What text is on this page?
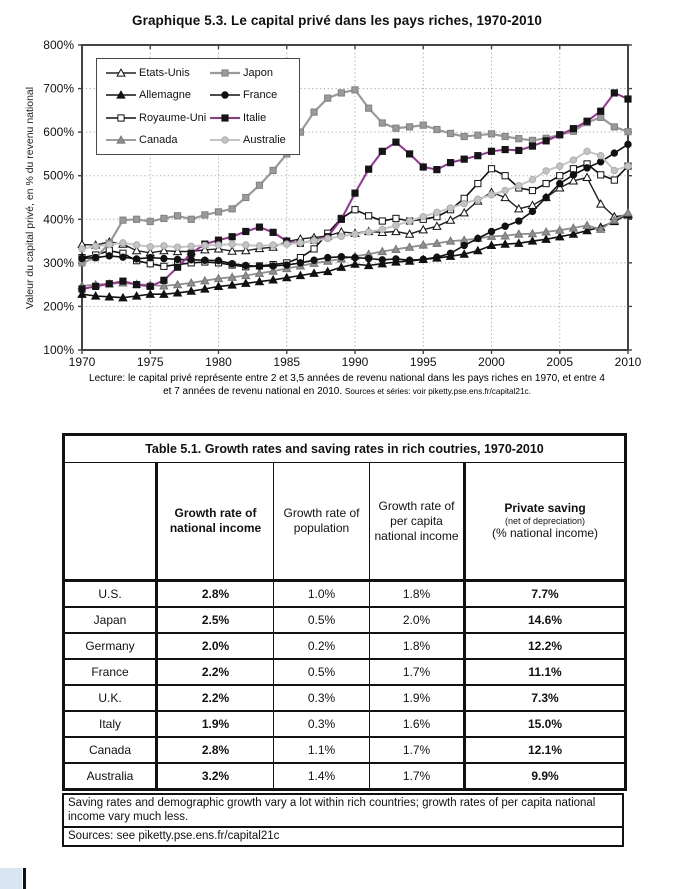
Graphique 5.3. Le capital privé dans les pays riches, 1970-2010
100%
200%
300%
400%
500%
600%
700%
800%
1970	1975	1980	1985	1990	1995	2000	2005	2010
Valeur du capital privé, en % du revenu national
Etats-Unis
Allemagne
Royaume-Uni
Canada
Japon
France
Italie
Australie
Lecture: le capital privé représente entre 2 et 3,5 années de revenu national dans les pays riches en 1970, et entre 4
et 7 années de revenu national en 2010. Sources et séries: voir piketty.pse.ens.fr/capital21c.
Table 5.1. Growth rates and saving rates in rich coutries, 1970-2010				
	Growth rate of national income	Growth rate of population	Growth rate of per capita national income	Private saving
(net of depreciation)
(% national income)

U.S.	2.8%	1.0%	1.8%	7.7%
Japan	2.5%	0.5%	2.0%	14.6%
Germany	2.0%	0.2%	1.8%	12.2%
France	2.2%	0.5%	1.7%	11.1%
U.K.	2.2%	0.3%	1.9%	7.3%
Italy	1.9%	0.3%	1.6%	15.0%
Canada	2.8%	1.1%	1.7%	12.1%
Australia	3.2%	1.4%	1.7%	9.9%
Saving rates and demographic growth vary a lot within rich countries; growth rates of per capita national income vary much less.
Sources: see piketty.pse.ens.fr/capital21c
